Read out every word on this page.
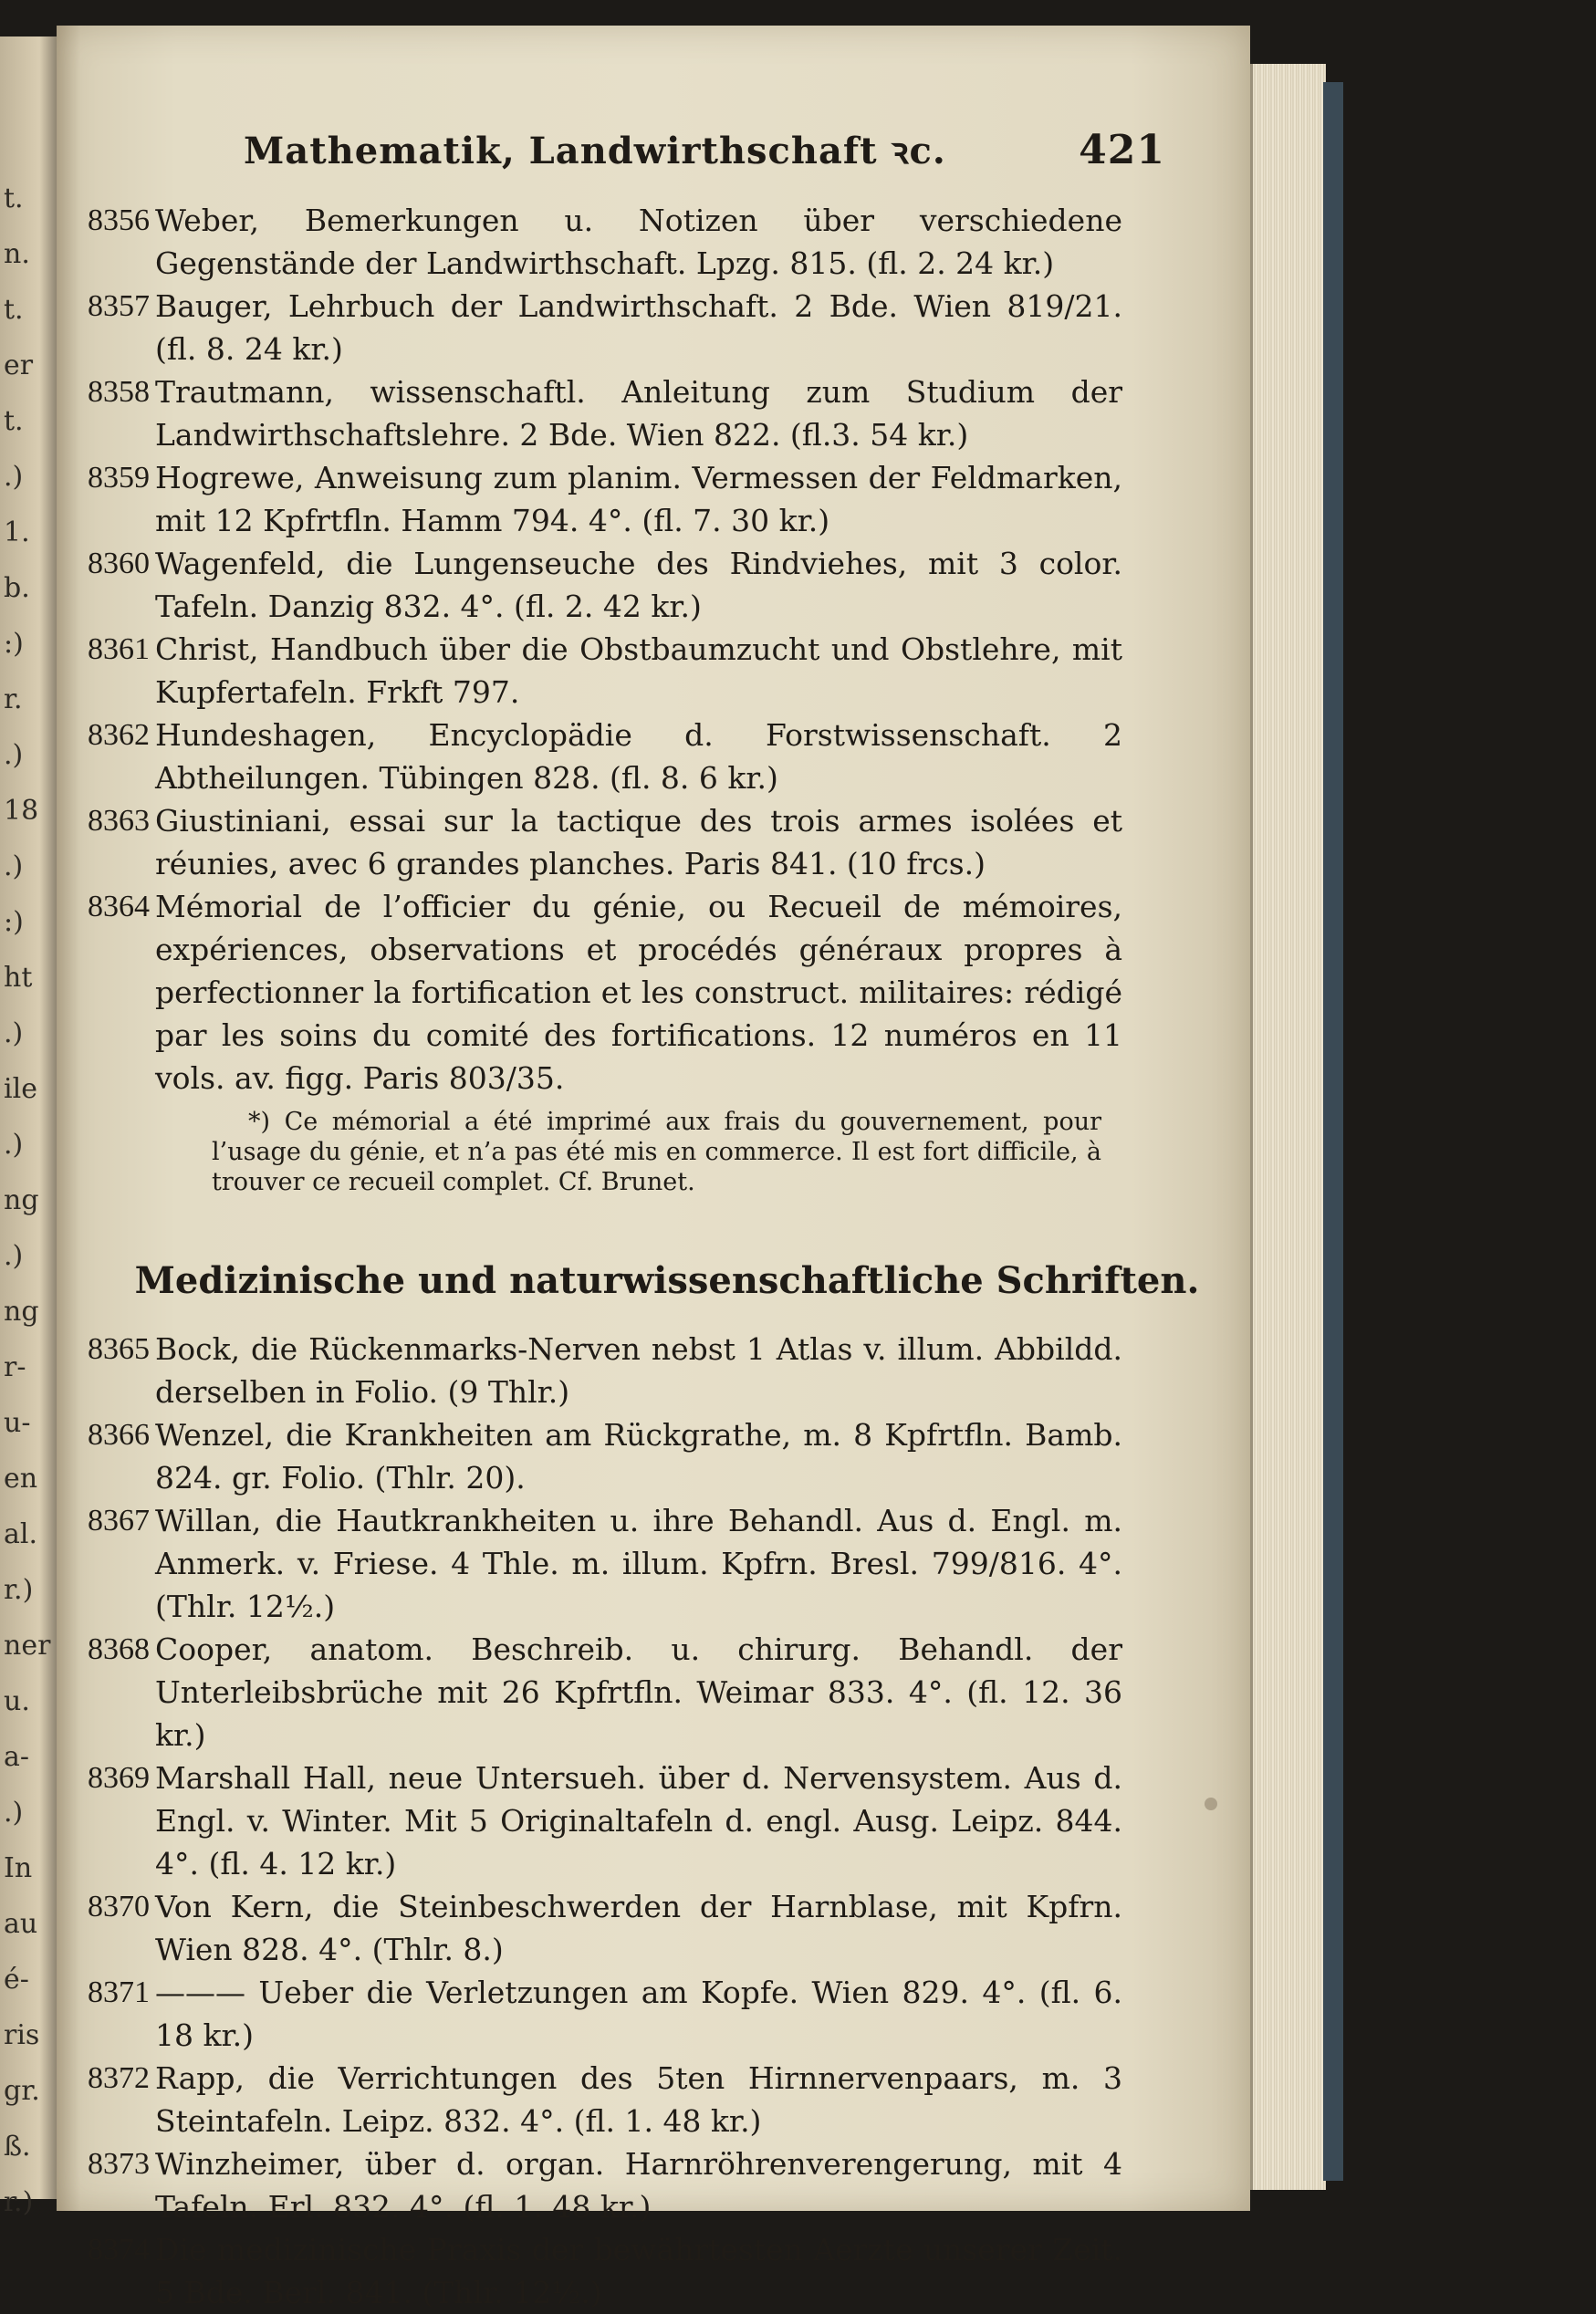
t.
n.
t.
er
t.
.)
1.
b.
:)
r.
.)
18
.)
:)
ht
.)
ile
.)
ng
.)
ng
r-
u-
en
al.
r.)
ner
u.
a-
.)
In
au
é-
ris
gr.
ß.
r.)
Mathematik, Landwirthschaft ꝛc.	421
8356 Weber, Bemerkungen u. Notizen über verschiedene Gegenstände der Landwirthschaft. Lpzg. 815. (fl. 2. 24 kr.)
8357 Bauger, Lehrbuch der Landwirthschaft. 2 Bde. Wien 819/21. (fl. 8. 24 kr.)
8358 Trautmann, wissenschaftl. Anleitung zum Studium der Landwirthschaftslehre. 2 Bde. Wien 822. (fl.3. 54 kr.)
8359 Hogrewe, Anweisung zum planim. Vermessen der Feldmarken, mit 12 Kpfrtfln. Hamm 794. 4°. (fl. 7. 30 kr.)
8360 Wagenfeld, die Lungenseuche des Rindviehes, mit 3 color. Tafeln. Danzig 832. 4°. (fl. 2. 42 kr.)
8361 Christ, Handbuch über die Obstbaumzucht und Obstlehre, mit Kupfertafeln. Frkft 797.
8362 Hundeshagen, Encyclopädie d. Forstwissenschaft. 2 Abtheilungen. Tübingen 828. (fl. 8. 6 kr.)
8363 Giustiniani, essai sur la tactique des trois armes isolées et réunies, avec 6 grandes planches. Paris 841. (10 frcs.)
8364 Mémorial de l’officier du génie, ou Recueil de mémoires, expériences, observations et procédés généraux propres à perfectionner la fortification et les construct. militaires: rédigé par les soins du comité des fortifications. 12 numéros en 11 vols. av. figg. Paris 803/35.
*) Ce mémorial a été imprimé aux frais du gouvernement, pour l’usage du génie, et n’a pas été mis en commerce. Il est fort difficile, à trouver ce recueil complet. Cf. Brunet.
Medizinische und naturwissenschaftliche Schriften.
8365 Bock, die Rückenmarks-Nerven nebst 1 Atlas v. illum. Abbildd. derselben in Folio. (9 Thlr.)
8366 Wenzel, die Krankheiten am Rückgrathe, m. 8 Kpfrtfln. Bamb. 824. gr. Folio. (Thlr. 20).
8367 Willan, die Hautkrankheiten u. ihre Behandl. Aus d. Engl. m. Anmerk. v. Friese. 4 Thle. m. illum. Kpfrn. Bresl. 799/816. 4°. (Thlr. 12½.)
8368 Cooper, anatom. Beschreib. u. chirurg. Behandl. der Unterleibsbrüche mit 26 Kpfrtfln. Weimar 833. 4°. (fl. 12. 36 kr.)
8369 Marshall Hall, neue Untersueh. über d. Nervensystem. Aus d. Engl. v. Winter. Mit 5 Originaltafeln d. engl. Ausg. Leipz. 844. 4°. (fl. 4. 12 kr.)
8370 Von Kern, die Steinbeschwerden der Harnblase, mit Kpfrn. Wien 828. 4°. (Thlr. 8.)
8371 ——— Ueber die Verletzungen am Kopfe. Wien 829. 4°. (fl. 6. 18 kr.)
8372 Rapp, die Verrichtungen des 5ten Hirnnervenpaars, m. 3 Steintafeln. Leipz. 832. 4°. (fl. 1. 48 kr.)
8373 Winzheimer, über d. organ. Harnröhrenverengerung, mit 4 Tafeln. Erl. 832. 4°. (fl. 1. 48 kr.)
8374 Die medizinische Praxis der bewährtesten Aerzte unserer Zeit. 5 Bde. Berl. 841. (Thlr. 12½.)
